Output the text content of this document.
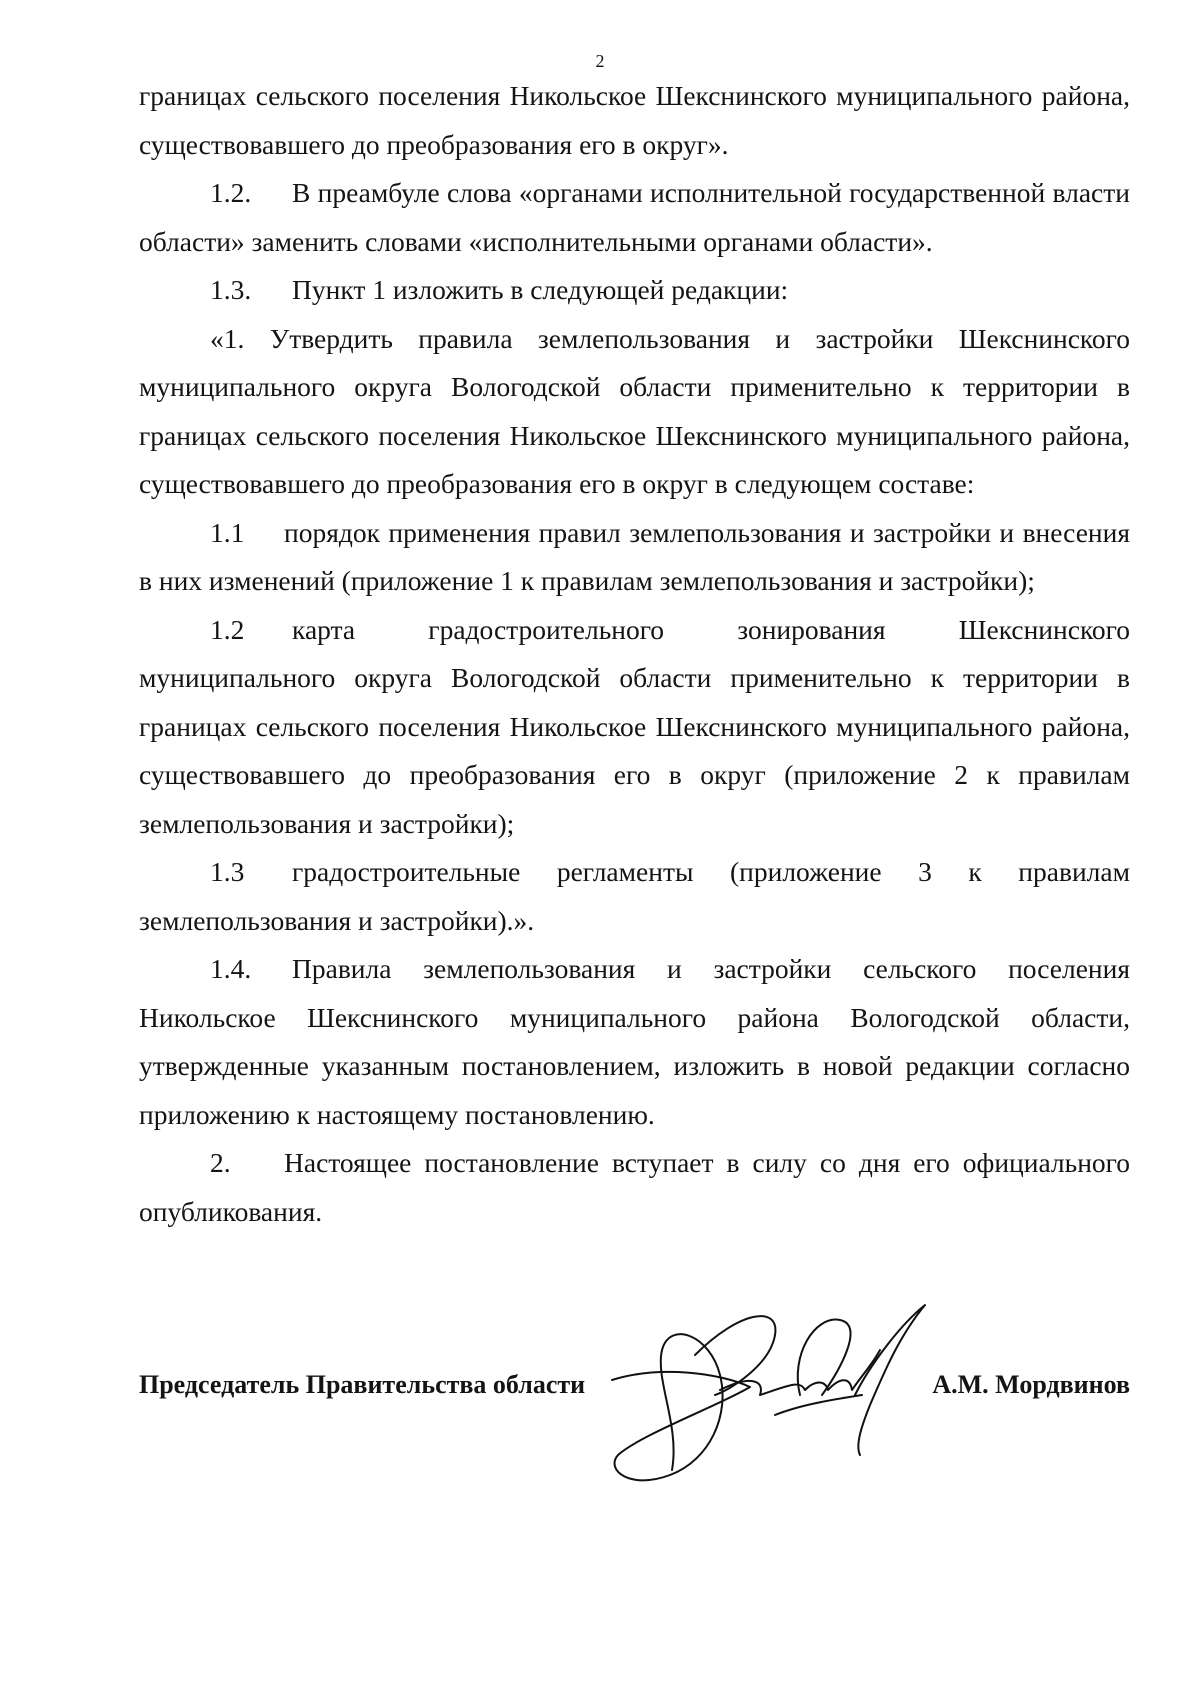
2

границах сельского поселения Никольское Шекснинского муниципального района, существовавшего до преобразования его в округ».

1.2. В преамбуле слова «органами исполнительной государственной власти области» заменить словами «исполнительными органами области».

1.3. Пункт 1 изложить в следующей редакции:

«1. Утвердить правила землепользования и застройки Шекснинского муниципального округа Вологодской области применительно к территории в границах сельского поселения Никольское Шекснинского муниципального района, существовавшего до преобразования его в округ в следующем составе:

1.1 порядок применения правил землепользования и застройки и внесения в них изменений (приложение 1 к правилам землепользования и застройки);

1.2 карта градостроительного зонирования Шекснинского муниципального округа Вологодской области применительно к территории в границах сельского поселения Никольское Шекснинского муниципального района, существовавшего до преобразования его в округ (приложение 2 к правилам землепользования и застройки);

1.3 градостроительные регламенты (приложение 3 к правилам землепользования и застройки).».

1.4. Правила землепользования и застройки сельского поселения Никольское Шекснинского муниципального района Вологодской области, утвержденные указанным постановлением, изложить в новой редакции согласно приложению к настоящему постановлению.

2. Настоящее постановление вступает в силу со дня его официального опубликования.

Председатель Правительства области	А.М. Мордвинов
